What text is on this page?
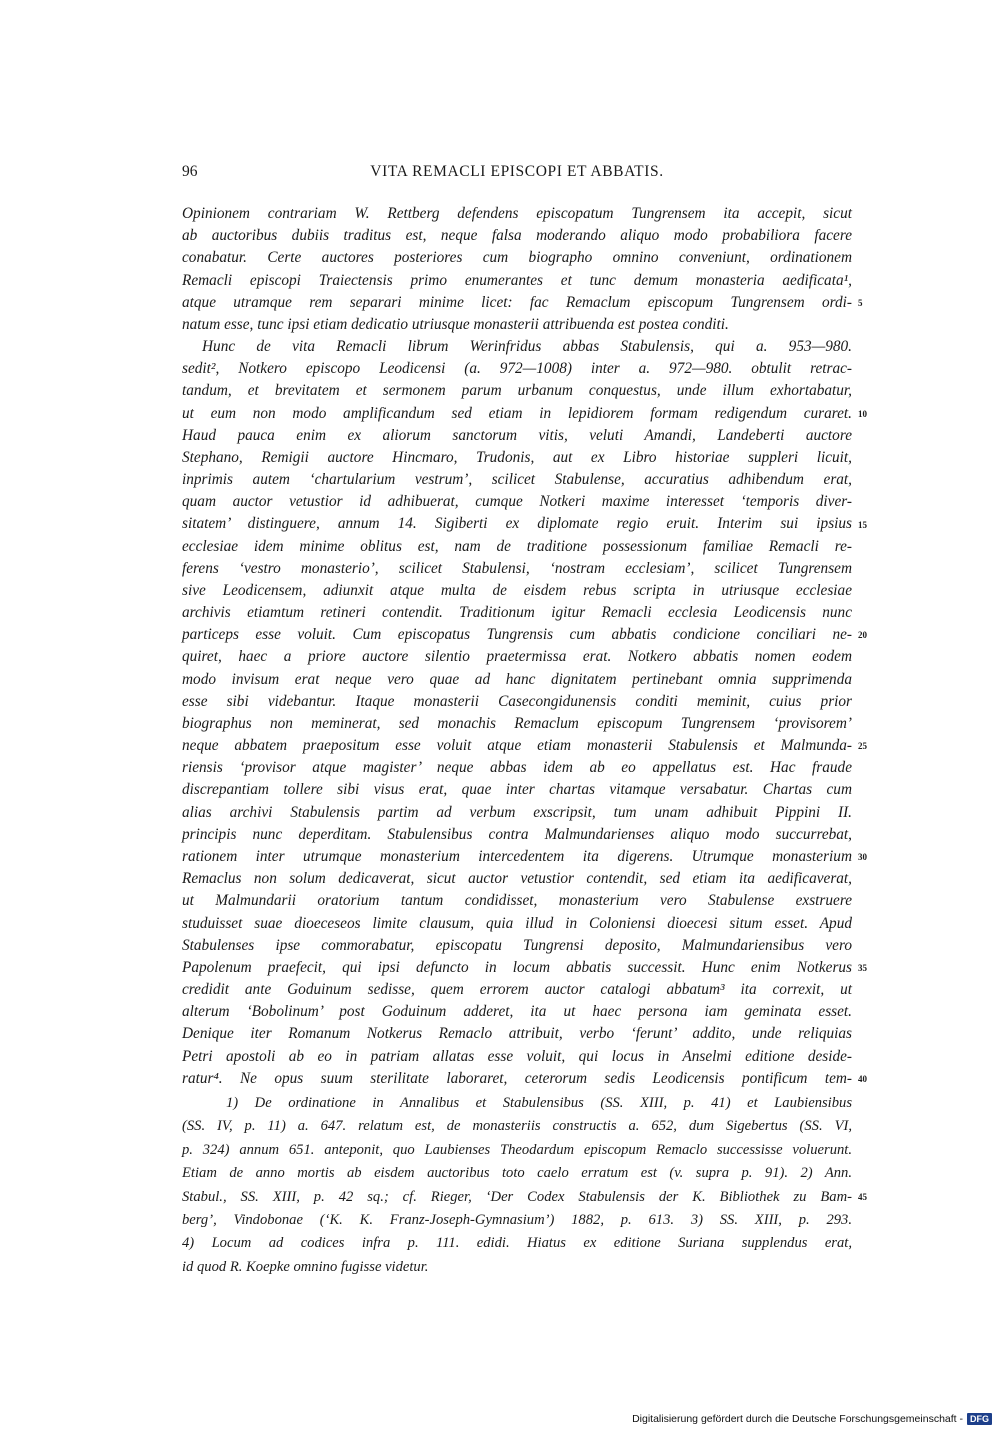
96	VITA REMACLI EPISCOPI ET ABBATIS.
Opinionem contrariam W. Rettberg defendens episcopatum Tungrensem ita accepit, sicut
ab auctoribus dubiis traditus est, neque falsa moderando aliquo modo probabiliora facere
conabatur. Certe auctores posteriores cum biographo omnino conveniunt, ordinationem
Remacli episcopi Traiectensis primo enumerantes et tunc demum monasteria aedificata¹,
atque utramque rem separari minime licet: fac Remaclum episcopum Tungrensem ordi-
natum esse, tunc ipsi etiam dedicatio utriusque monasterii attribuenda est postea conditi.
Hunc de vita Remacli librum Werinfridus abbas Stabulensis, qui a. 953—980.
sedit², Notkero episcopo Leodicensi (a. 972—1008) inter a. 972—980. obtulit retrac-
tandum, et brevitatem et sermonem parum urbanum conquestus, unde illum exhortabatur,
ut eum non modo amplificandum sed etiam in lepidiorem formam redigendum curaret.
Haud pauca enim ex aliorum sanctorum vitis, veluti Amandi, Landeberti auctore
Stephano, Remigii auctore Hincmaro, Trudonis, aut ex Libro historiae suppleri licuit,
inprimis autem ‘chartularium vestrum’, scilicet Stabulense, accuratius adhibendum erat,
quam auctor vetustior id adhibuerat, cumque Notkeri maxime interesset ‘temporis diver-
sitatem’ distinguere, annum 14. Sigiberti ex diplomate regio eruit. Interim sui ipsius
ecclesiae idem minime oblitus est, nam de traditione possessionum familiae Remacli re-
ferens ‘vestro monasterio’, scilicet Stabulensi, ‘nostram ecclesiam’, scilicet Tungrensem
sive Leodicensem, adiunxit atque multa de eisdem rebus scripta in utriusque ecclesiae
archivis etiamtum retineri contendit. Traditionum igitur Remacli ecclesia Leodicensis nunc
particeps esse voluit. Cum episcopatus Tungrensis cum abbatis condicione conciliari ne-
quiret, haec a priore auctore silentio praetermissa erat. Notkero abbatis nomen eodem
modo invisum erat neque vero quae ad hanc dignitatem pertinebant omnia supprimenda
esse sibi videbantur. Itaque monasterii Casecongidunensis conditi meminit, cuius prior
biographus non meminerat, sed monachis Remaclum episcopum Tungrensem ‘provisorem’
neque abbatem praepositum esse voluit atque etiam monasterii Stabulensis et Malmunda-
riensis ‘provisor atque magister’ neque abbas idem ab eo appellatus est. Hac fraude
discrepantiam tollere sibi visus erat, quae inter chartas vitamque versabatur. Chartas cum
alias archivi Stabulensis partim ad verbum exscripsit, tum unam adhibuit Pippini II.
principis nunc deperditam. Stabulensibus contra Malmundarienses aliquo modo succurrebat,
rationem inter utrumque monasterium intercedentem ita digerens. Utrumque monasterium
Remaclus non solum dedicaverat, sicut auctor vetustior contendit, sed etiam ita aedificaverat,
ut Malmundarii oratorium tantum condidisset, monasterium vero Stabulense exstruere
studuisset suae dioeceseos limite clausum, quia illud in Coloniensi dioecesi situm esset. Apud
Stabulenses ipse commorabatur, episcopatu Tungrensi deposito, Malmundariensibus vero
Papolenum praefecit, qui ipsi defuncto in locum abbatis successit. Hunc enim Notkerus
credidit ante Goduinum sedisse, quem errorem auctor catalogi abbatum³ ita correxit, ut
alterum ‘Bobolinum’ post Goduinum adderet, ita ut haec persona iam geminata esset.
Denique iter Romanum Notkerus Remaclo attribuit, verbo ‘ferunt’ addito, unde reliquias
Petri apostoli ab eo in patriam allatas esse voluit, qui locus in Anselmi editione deside-
ratur⁴. Ne opus suum sterilitate laboraret, ceterorum sedis Leodicensis pontificum tem-
5
10
15
20
25
30
35
40
1) De ordinatione in Annalibus et Stabulensibus (SS. XIII, p. 41) et Laubiensibus
(SS. IV, p. 11) a. 647. relatum est, de monasteriis constructis a. 652, dum Sigebertus (SS. VI,
p. 324) annum 651. anteponit, quo Laubienses Theodardum episcopum Remaclo successisse voluerunt.
Etiam de anno mortis ab eisdem auctoribus toto caelo erratum est (v. supra p. 91). 2) Ann.
Stabul., SS. XIII, p. 42 sq.; cf. Rieger, ‘Der Codex Stabulensis der K. Bibliothek zu Bam-
berg’, Vindobonae (‘K. K. Franz-Joseph-Gymnasium’) 1882, p. 613. 3) SS. XIII, p. 293.
4) Locum ad codices infra p. 111. edidi. Hiatus ex editione Suriana supplendus erat,
id quod R. Koepke omnino fugisse videtur.
45
Digitalisierung gefördert durch die Deutsche Forschungsgemeinschaft - DFG
